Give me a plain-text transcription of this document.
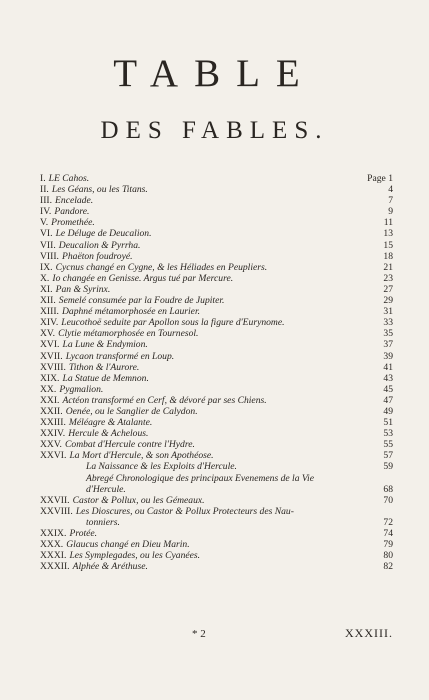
TABLE
DES FABLES.
I. LE Cahos.	Page 1
II. Les Géans, ou les Titans.	4
III. Encelade.	7
IV. Pandore.	9
V. Promethée.	11
VI. Le Déluge de Deucalion.	13
VII. Deucalion & Pyrrha.	15
VIII. Phaëton foudroyé.	18
IX. Cycnus changé en Cygne, & les Héliades en Peupliers.	21
X. Io changée en Genisse. Argus tué par Mercure.	23
XI. Pan & Syrinx.	27
XII. Semelé consumée par la Foudre de Jupiter.	29
XIII. Daphné métamorphosée en Laurier.	31
XIV. Leucothoë seduite par Apollon sous la figure d'Eurynome.	33
XV. Clytie métamorphosée en Tournesol.	35
XVI. La Lune & Endymion.	37
XVII. Lycaon transformé en Loup.	39
XVIII. Tithon & l'Aurore.	41
XIX. La Statue de Memnon.	43
XX. Pygmalion.	45
XXI. Actéon transformé en Cerf, & dévoré par ses Chiens.	47
XXII. Oenée, ou le Sanglier de Calydon.	49
XXIII. Méléagre & Atalante.	51
XXIV. Hercule & Achelous.	53
XXV. Combat d'Hercule contre l'Hydre.	55
XXVI. La Mort d'Hercule, & son Apothéose.	57
La Naissance & les Exploits d'Hercule.	59
Abregé Chronologique des principaux Evenemens de la Vie
d'Hercule.	68
XXVII. Castor & Pollux, ou les Gémeaux.	70
XXVIII. Les Dioscures, ou Castor & Pollux Protecteurs des Nau-
tonniers.	72
XXIX. Protée.	74
XXX. Glaucus changé en Dieu Marin.	79
XXXI. Les Symplegades, ou les Cyanées.	80
XXXII. Alphée & Aréthuse.	82
* 2	XXXIII.
